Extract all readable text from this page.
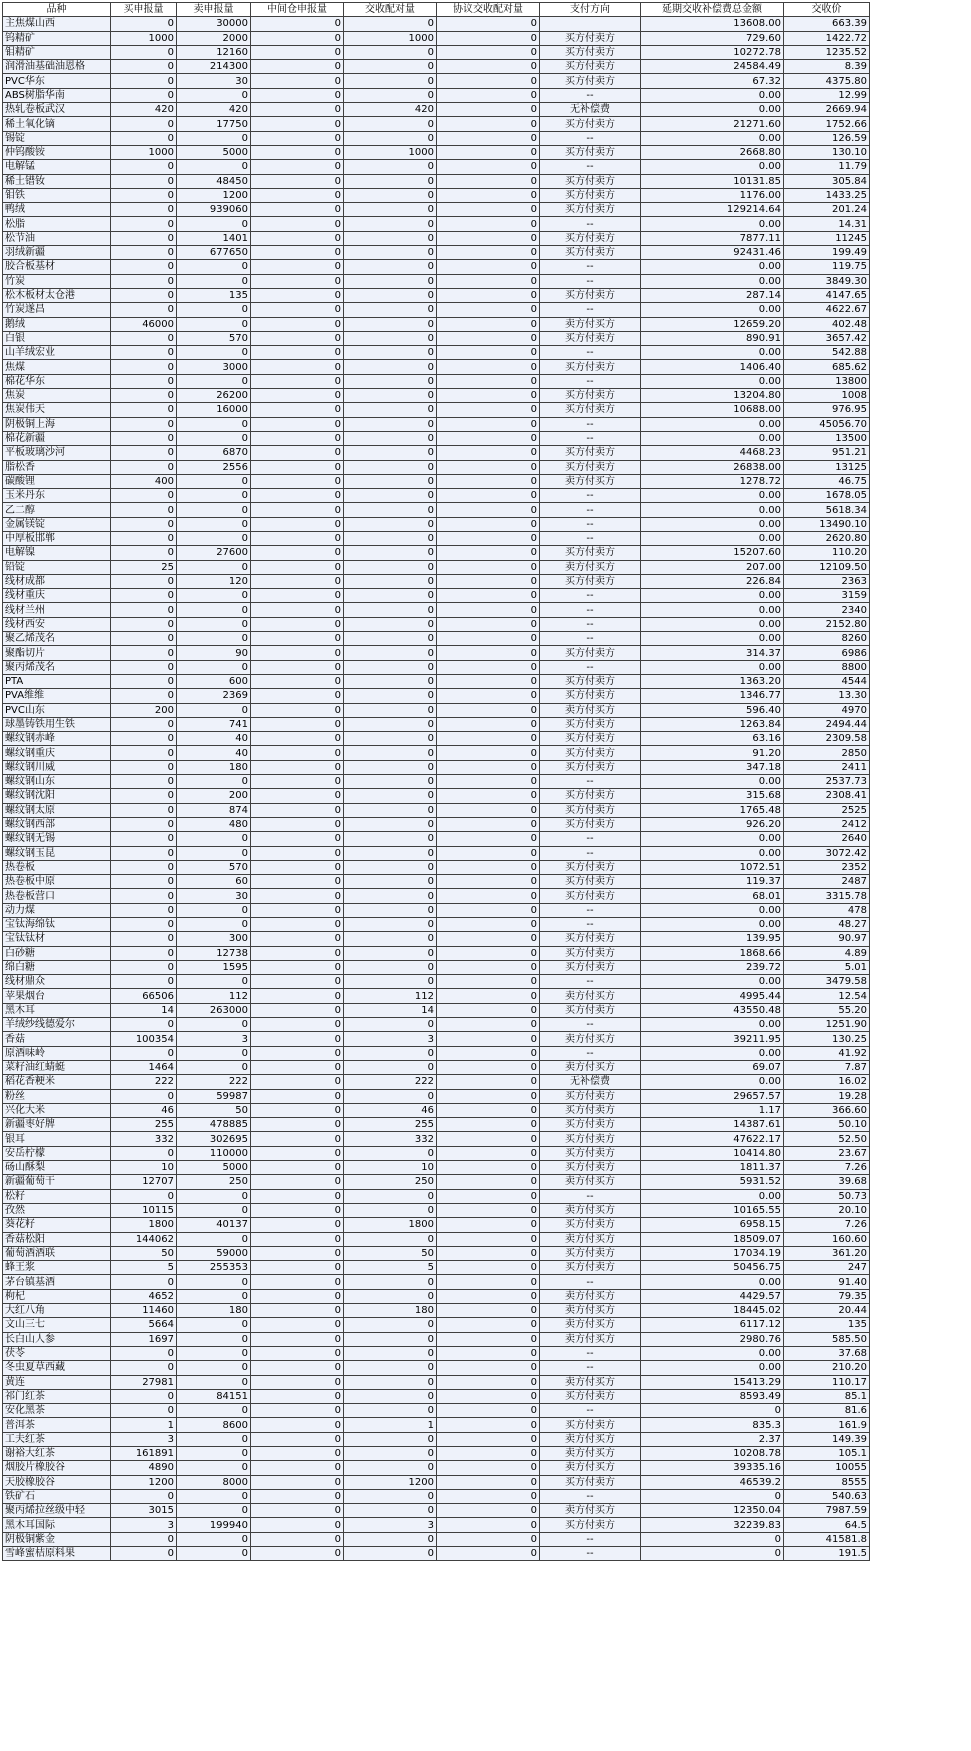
品种	买申报量	卖申报量	中间仓申报量	交收配对量	协议交收配对量	支付方向	延期交收补偿费总金额	交收价
主焦煤山西	0	30000	0	0	0		13608.00	663.39
钨精矿	1000	2000	0	1000	0	买方付卖方	729.60	1422.72
钼精矿	0	12160	0	0	0	买方付卖方	10272.78	1235.52
润滑油基础油恩格	0	214300	0	0	0	买方付卖方	24584.49	8.39
PVC华东	0	30	0	0	0	买方付卖方	67.32	4375.80
ABS树脂华南	0	0	0	0	0	--	0.00	12.99
热轧卷板武汉	420	420	0	420	0	无补偿费	0.00	2669.94
稀土氧化镝	0	17750	0	0	0	买方付卖方	21271.60	1752.66
锡锭	0	0	0	0	0	--	0.00	126.59
仲钨酸铵	1000	5000	0	1000	0	买方付卖方	2668.80	130.10
电解锰	0	0	0	0	0	--	0.00	11.79
稀土镨钕	0	48450	0	0	0	买方付卖方	10131.85	305.84
钼铁	0	1200	0	0	0	买方付卖方	1176.00	1433.25
鸭绒	0	939060	0	0	0	买方付卖方	129214.64	201.24
松脂	0	0	0	0	0	--	0.00	14.31
松节油	0	1401	0	0	0	买方付卖方	7877.11	11245
羽绒新疆	0	677650	0	0	0	买方付卖方	92431.46	199.49
胶合板基材	0	0	0	0	0	--	0.00	119.75
竹炭	0	0	0	0	0	--	0.00	3849.30
松木板材太仓港	0	135	0	0	0	买方付卖方	287.14	4147.65
竹炭遂昌	0	0	0	0	0	--	0.00	4622.67
鹅绒	46000	0	0	0	0	卖方付买方	12659.20	402.48
白银	0	570	0	0	0	买方付卖方	890.91	3657.42
山羊绒宏业	0	0	0	0	0	--	0.00	542.88
焦煤	0	3000	0	0	0	买方付卖方	1406.40	685.62
棉花华东	0	0	0	0	0	--	0.00	13800
焦炭	0	26200	0	0	0	买方付卖方	13204.80	1008
焦炭伟天	0	16000	0	0	0	买方付卖方	10688.00	976.95
阴极铜上海	0	0	0	0	0	--	0.00	45056.70
棉花新疆	0	0	0	0	0	--	0.00	13500
平板玻璃沙河	0	6870	0	0	0	买方付卖方	4468.23	951.21
脂松香	0	2556	0	0	0	买方付卖方	26838.00	13125
碳酸锂	400	0	0	0	0	卖方付买方	1278.72	46.75
玉米丹东	0	0	0	0	0	--	0.00	1678.05
乙二醇	0	0	0	0	0	--	0.00	5618.34
金属镁锭	0	0	0	0	0	--	0.00	13490.10
中厚板邯郸	0	0	0	0	0	--	0.00	2620.80
电解镍	0	27600	0	0	0	买方付卖方	15207.60	110.20
铅锭	25	0	0	0	0	卖方付买方	207.00	12109.50
线材成都	0	120	0	0	0	买方付卖方	226.84	2363
线材重庆	0	0	0	0	0	--	0.00	3159
线材兰州	0	0	0	0	0	--	0.00	2340
线材西安	0	0	0	0	0	--	0.00	2152.80
聚乙烯茂名	0	0	0	0	0	--	0.00	8260
聚酯切片	0	90	0	0	0	买方付卖方	314.37	6986
聚丙烯茂名	0	0	0	0	0	--	0.00	8800
PTA	0	600	0	0	0	买方付卖方	1363.20	4544
PVA维维	0	2369	0	0	0	买方付卖方	1346.77	13.30
PVC山东	200	0	0	0	0	卖方付买方	596.40	4970
球墨铸铁用生铁	0	741	0	0	0	买方付卖方	1263.84	2494.44
螺纹钢赤峰	0	40	0	0	0	买方付卖方	63.16	2309.58
螺纹钢重庆	0	40	0	0	0	买方付卖方	91.20	2850
螺纹钢川威	0	180	0	0	0	买方付卖方	347.18	2411
螺纹钢山东	0	0	0	0	0	--	0.00	2537.73
螺纹钢沈阳	0	200	0	0	0	买方付卖方	315.68	2308.41
螺纹钢太原	0	874	0	0	0	买方付卖方	1765.48	2525
螺纹钢西部	0	480	0	0	0	买方付卖方	926.20	2412
螺纹钢无锡	0	0	0	0	0	--	0.00	2640
螺纹钢玉昆	0	0	0	0	0	--	0.00	3072.42
热卷板	0	570	0	0	0	买方付卖方	1072.51	2352
热卷板中原	0	60	0	0	0	买方付卖方	119.37	2487
热卷板营口	0	30	0	0	0	买方付卖方	68.01	3315.78
动力煤	0	0	0	0	0	--	0.00	478
宝钛海绵钛	0	0	0	0	0	--	0.00	48.27
宝钛钛材	0	300	0	0	0	买方付卖方	139.95	90.97
白砂糖	0	12738	0	0	0	买方付卖方	1868.66	4.89
绵白糖	0	1595	0	0	0	买方付卖方	239.72	5.01
线材鼎众	0	0	0	0	0	--	0.00	3479.58
苹果烟台	66506	112	0	112	0	卖方付买方	4995.44	12.54
黑木耳	14	263000	0	14	0	买方付卖方	43550.48	55.20
羊绒纱线德爱尔	0	0	0	0	0	--	0.00	1251.90
香菇	100354	3	0	3	0	卖方付买方	39211.95	130.25
原酒味岭	0	0	0	0	0	--	0.00	41.92
菜籽油红蜻蜓	1464	0	0	0	0	卖方付买方	69.07	7.87
稻花香粳米	222	222	0	222	0	无补偿费	0.00	16.02
粉丝	0	59987	0	0	0	买方付卖方	29657.57	19.28
兴化大米	46	50	0	46	0	买方付卖方	1.17	366.60
新疆枣好牌	255	478885	0	255	0	买方付卖方	14387.61	50.10
银耳	332	302695	0	332	0	买方付卖方	47622.17	52.50
安岳柠檬	0	110000	0	0	0	买方付卖方	10414.80	23.67
砀山酥梨	10	5000	0	10	0	买方付卖方	1811.37	7.26
新疆葡萄干	12707	250	0	250	0	卖方付买方	5931.52	39.68
松籽	0	0	0	0	0	--	0.00	50.73
孜然	10115	0	0	0	0	卖方付买方	10165.55	20.10
葵花籽	1800	40137	0	1800	0	买方付卖方	6958.15	7.26
香菇松阳	144062	0	0	0	0	卖方付买方	18509.07	160.60
葡萄酒酒联	50	59000	0	50	0	买方付卖方	17034.19	361.20
蜂王浆	5	255353	0	5	0	买方付卖方	50456.75	247
茅台镇基酒	0	0	0	0	0	--	0.00	91.40
枸杞	4652	0	0	0	0	卖方付买方	4429.57	79.35
大红八角	11460	180	0	180	0	卖方付买方	18445.02	20.44
文山三七	5664	0	0	0	0	卖方付买方	6117.12	135
长白山人参	1697	0	0	0	0	卖方付买方	2980.76	585.50
茯苓	0	0	0	0	0	--	0.00	37.68
冬虫夏草西藏	0	0	0	0	0	--	0.00	210.20
黄连	27981	0	0	0	0	卖方付买方	15413.29	110.17
祁门红茶	0	84151	0	0	0	买方付卖方	8593.49	85.1
安化黑茶	0	0	0	0	0	--	0	81.6
普洱茶	1	8600	0	1	0	买方付卖方	835.3	161.9
工夫红茶	3	0	0	0	0	卖方付买方	2.37	149.39
谢裕大红茶	161891	0	0	0	0	卖方付买方	10208.78	105.1
烟胶片橡胶谷	4890	0	0	0	0	卖方付买方	39335.16	10055
天胶橡胶谷	1200	8000	0	1200	0	买方付卖方	46539.2	8555
铁矿石	0	0	0	0	0	--	0	540.63
聚丙烯拉丝级中轻	3015	0	0	0	0	卖方付买方	12350.04	7987.59
黑木耳国际	3	199940	0	3	0	买方付卖方	32239.83	64.5
阴极铜紫金	0	0	0	0	0	--	0	41581.8
雪峰蜜桔原料果	0	0	0	0	0	--	0	191.5
